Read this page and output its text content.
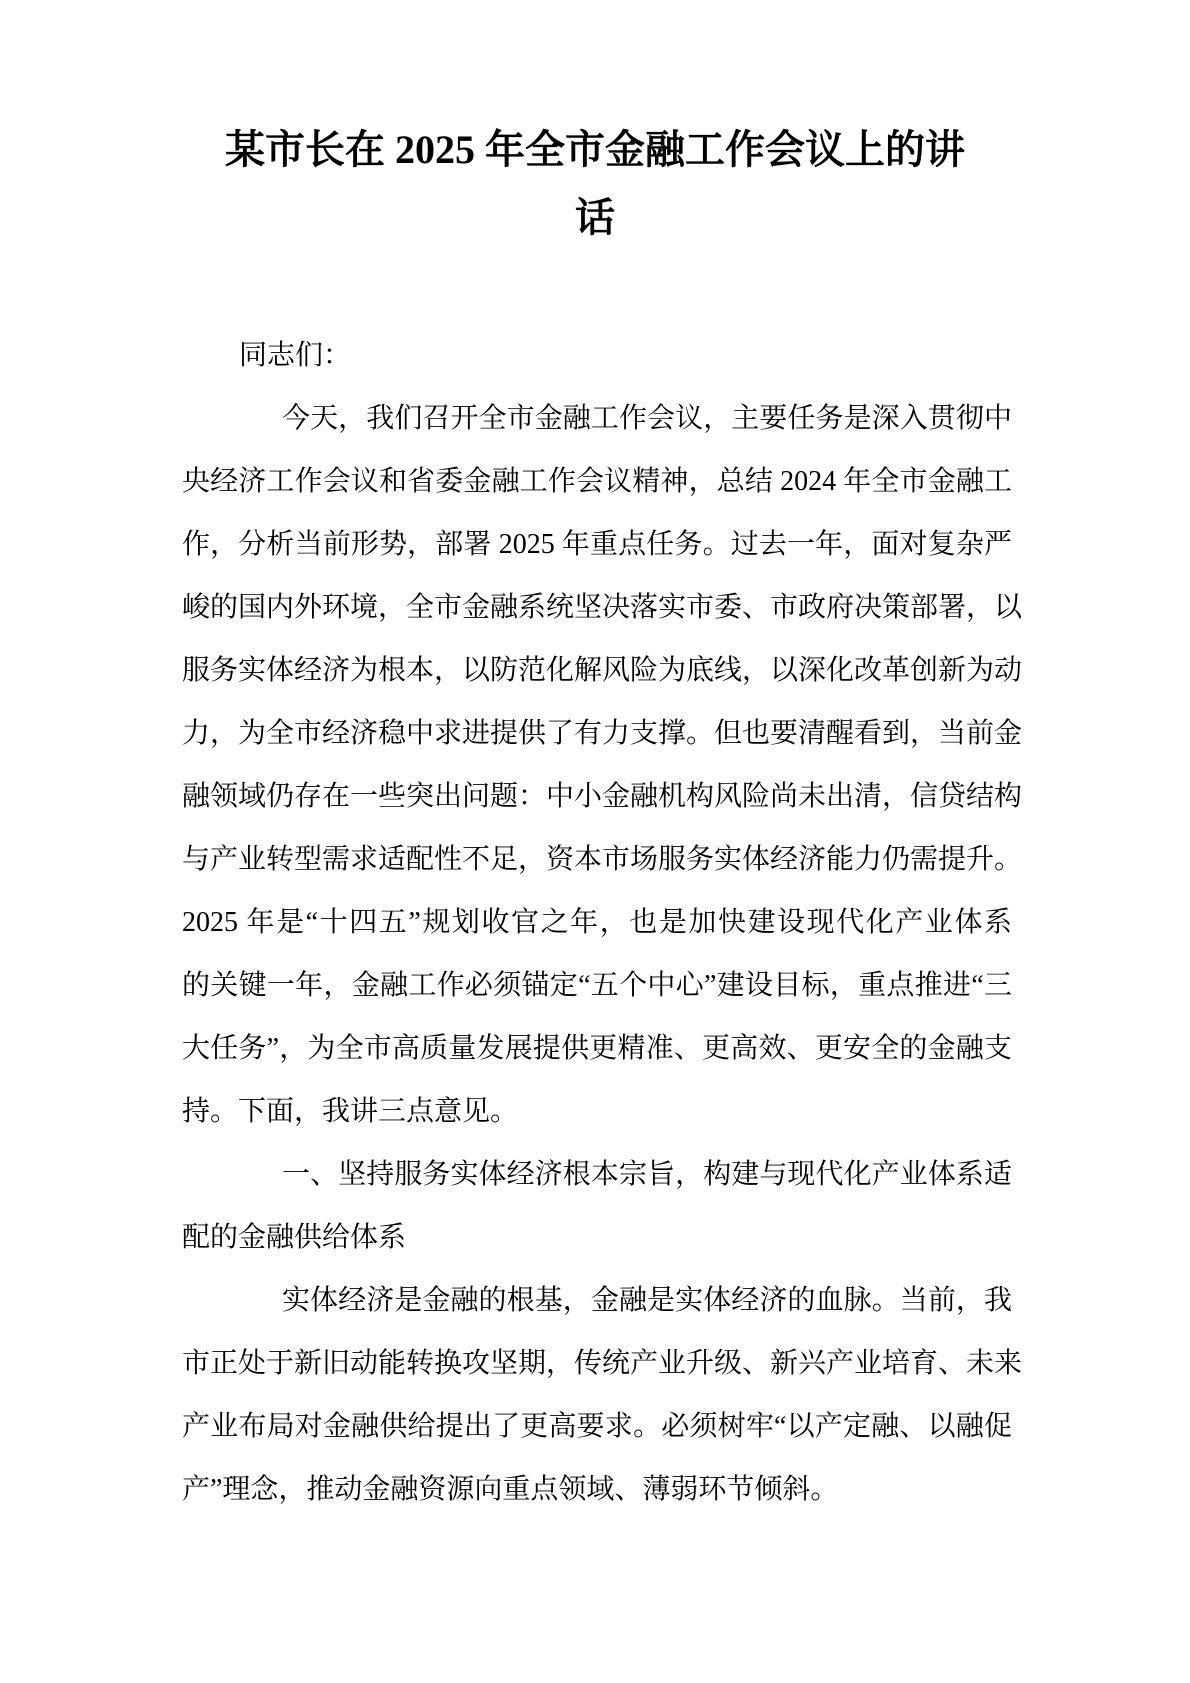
某市长在 2025 年全市金融工作会议上的讲
话
同志们：
今天，我们召开全市金融工作会议，主要任务是深入贯彻中
央经济工作会议和省委金融工作会议精神，总结 2024 年全市金融工
作，分析当前形势，部署 2025 年重点任务。过去一年，面对复杂严
峻的国内外环境，全市金融系统坚决落实市委、市政府决策部署，以
服务实体经济为根本，以防范化解风险为底线，以深化改革创新为动
力，为全市经济稳中求进提供了有力支撑。但也要清醒看到，当前金
融领域仍存在一些突出问题：中小金融机构风险尚未出清，信贷结构
与产业转型需求适配性不足，资本市场服务实体经济能力仍需提升。
2025 年是“十四五”规划收官之年，也是加快建设现代化产业体系
的关键一年，金融工作必须锚定“五个中心”建设目标，重点推进“三
大任务”，为全市高质量发展提供更精准、更高效、更安全的金融支
持。下面，我讲三点意见。
一、坚持服务实体经济根本宗旨，构建与现代化产业体系适
配的金融供给体系
实体经济是金融的根基，金融是实体经济的血脉。当前，我
市正处于新旧动能转换攻坚期，传统产业升级、新兴产业培育、未来
产业布局对金融供给提出了更高要求。必须树牢“以产定融、以融促
产”理念，推动金融资源向重点领域、薄弱环节倾斜。
